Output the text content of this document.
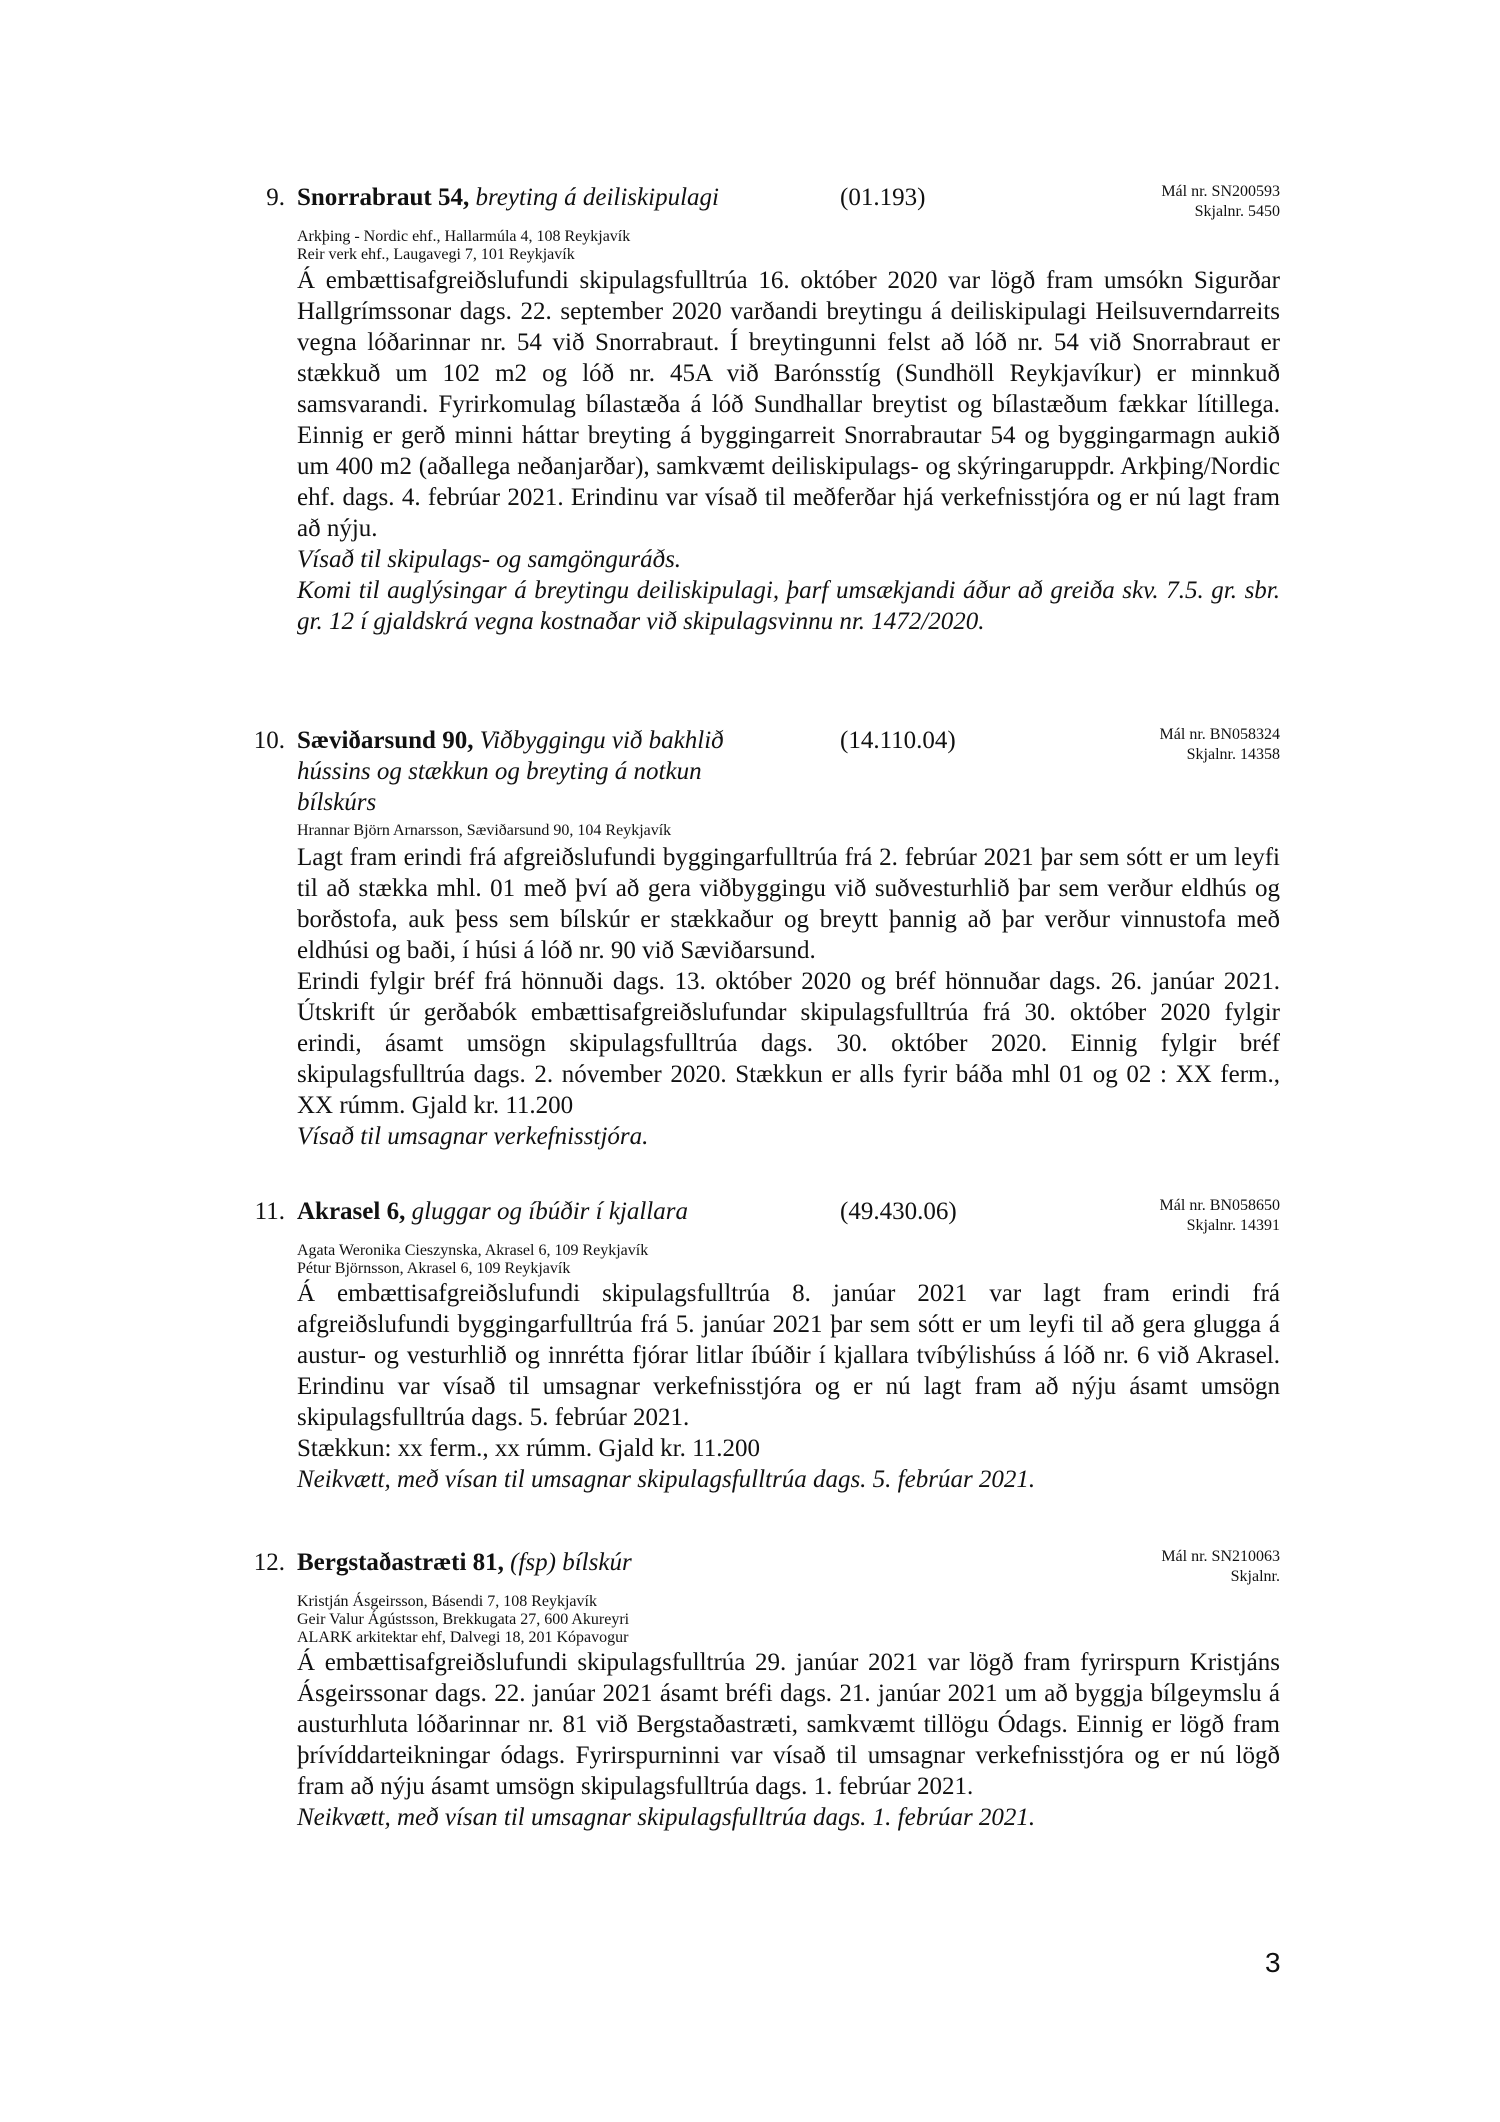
9. Snorrabraut 54, breyting á deiliskipulagi	(01.193)	Mál nr. SN200593
Skjalnr. 5450
Arkþing - Nordic ehf., Hallarmúla 4, 108 Reykjavík
Reir verk ehf., Laugavegi 7, 101 Reykjavík

Á embættisafgreiðslufundi skipulagsfulltrúa 16. október 2020 var lögð fram umsókn Sigurðar Hallgrímssonar dags. 22. september 2020 varðandi breytingu á deiliskipulagi Heilsuverndarreits vegna lóðarinnar nr. 54 við Snorrabraut. Í breytingunni felst að lóð nr. 54 við Snorrabraut er stækkuð um 102 m2 og lóð nr. 45A við Barónsstíg (Sundhöll Reykjavíkur) er minnkuð samsvarandi. Fyrirkomulag bílastæða á lóð Sundhallar breytist og bílastæðum fækkar lítillega. Einnig er gerð minni háttar breyting á byggingarreit Snorrabrautar 54 og byggingarmagn aukið um 400 m2 (aðallega neðanjarðar), samkvæmt deiliskipulags- og skýringaruppdr. Arkþing/Nordic ehf. dags. 4. febrúar 2021. Erindinu var vísað til meðferðar hjá verkefnisstjóra og er nú lagt fram að nýju.

Vísað til skipulags- og samgönguráðs.

Komi til auglýsingar á breytingu deiliskipulagi, þarf umsækjandi áður að greiða skv. 7.5. gr. sbr. gr. 12 í gjaldskrá vegna kostnaðar við skipulagsvinnu nr. 1472/2020.

10. Sæviðarsund 90, Viðbyggingu við bakhlið hússins og stækkun og breyting á notkun bílskúrs
(14.110.04)	Mál nr. BN058324
Skjalnr. 14358
Hrannar Björn Arnarsson, Sæviðarsund 90, 104 Reykjavík

Lagt fram erindi frá afgreiðslufundi byggingarfulltrúa frá 2. febrúar 2021 þar sem sótt er um leyfi til að stækka mhl. 01 með því að gera viðbyggingu við suðvesturhlið þar sem verður eldhús og borðstofa, auk þess sem bílskúr er stækkaður og breytt þannig að þar verður vinnustofa með eldhúsi og baði, í húsi á lóð nr. 90 við Sæviðarsund.

Erindi fylgir bréf frá hönnuði dags. 13. október 2020 og bréf hönnuðar dags. 26. janúar 2021. Útskrift úr gerðabók embættisafgreiðslufundar skipulagsfulltrúa frá 30. október 2020 fylgir erindi, ásamt umsögn skipulagsfulltrúa dags. 30. október 2020. Einnig fylgir bréf skipulagsfulltrúa dags. 2. nóvember 2020. Stækkun er alls fyrir báða mhl 01 og 02 : XX ferm., XX rúmm. Gjald kr. 11.200

Vísað til umsagnar verkefnisstjóra.

11. Akrasel 6, gluggar og íbúðir í kjallara	(49.430.06)	Mál nr. BN058650
Skjalnr. 14391
Agata Weronika Cieszynska, Akrasel 6, 109 Reykjavík
Pétur Björnsson, Akrasel 6, 109 Reykjavík

Á embættisafgreiðslufundi skipulagsfulltrúa 8. janúar 2021 var lagt fram erindi frá afgreiðslufundi byggingarfulltrúa frá 5. janúar 2021 þar sem sótt er um leyfi til að gera glugga á austur- og vesturhlið og innrétta fjórar litlar íbúðir í kjallara tvíbýlishúss á lóð nr. 6 við Akrasel. Erindinu var vísað til umsagnar verkefnisstjóra og er nú lagt fram að nýju ásamt umsögn skipulagsfulltrúa dags. 5. febrúar 2021.

Stækkun: xx ferm., xx rúmm. Gjald kr. 11.200

Neikvætt, með vísan til umsagnar skipulagsfulltrúa dags. 5. febrúar 2021.

12. Bergstaðastræti 81, (fsp) bílskúr	Mál nr. SN210063
Skjalnr.
Kristján Ásgeirsson, Básendi 7, 108 Reykjavík
Geir Valur Ágústsson, Brekkugata 27, 600 Akureyri
ALARK arkitektar ehf, Dalvegi 18, 201 Kópavogur

Á embættisafgreiðslufundi skipulagsfulltrúa 29. janúar 2021 var lögð fram fyrirspurn Kristjáns Ásgeirssonar dags. 22. janúar 2021 ásamt bréfi dags. 21. janúar 2021 um að byggja bílgeymslu á austurhluta lóðarinnar nr. 81 við Bergstaðastræti, samkvæmt tillögu Ódags. Einnig er lögð fram þrívíddarteikningar ódags. Fyrirspurninni var vísað til umsagnar verkefnisstjóra og er nú lögð fram að nýju ásamt umsögn skipulagsfulltrúa dags. 1. febrúar 2021.

Neikvætt, með vísan til umsagnar skipulagsfulltrúa dags. 1. febrúar 2021.

3
